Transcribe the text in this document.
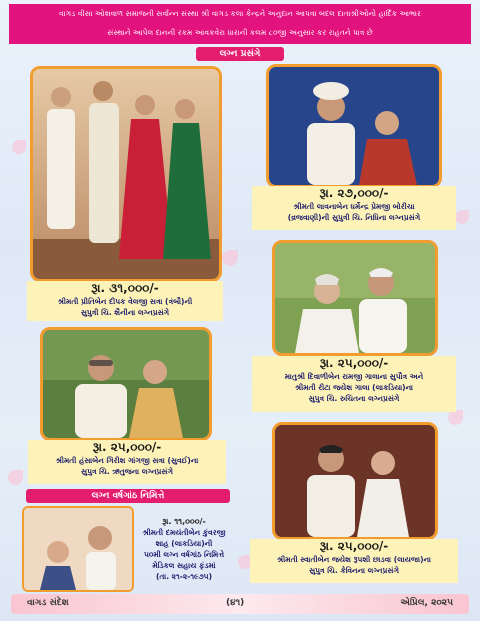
વાગડ વીસા ઓશવાળ સમાજની સર્વાન્ન સંસ્થા શ્રી વાગડ કલા કેન્દ્રને અનુદાન આપવા બદલ દાતાશ્રીઓનો હાર્દિક આભાર
સંસ્થાને આપેલ દાનની રકમ આવકવેરા ધારાની કલમ ૮૦જી અનુસાર કર રાહતને પાત્ર છે
લગ્ન પ્રસંગે
રૂા. ૩૧,૦૦૦/-
શ્રીમતી પ્રીતિબેન દીપક વેલજી સત્રા (ત્રંબૌ)ની
સુપુત્રી ચિ. શૈનીના લગ્નપ્રસંગે
રૂા. ૨૭,૦૦૦/-
શ્રીમતી લાવનાબેન ધર્મેન્દ્ર પ્રેમજી બોરીચા
(વ્રજવાણી)ની સુપુત્રી ચિ. નિધિના લગ્નપ્રસંગે
રૂા. ૨૫,૦૦૦/-
માતુશ્રી દિવાળીબેન રામજી ગાલાના સુપૌત્ર અને
શ્રીમતી રીટા જયેશ ગાલા (લાકડિયા)ના
સુપુત્ર ચિ. રુચિતના લગ્નપ્રસંગે
રૂા. ૨૫,૦૦૦/-
શ્રીમતી હંસાબેન ગિરીશ ગાંગજી સત્રા (સુવઈ)ના
સુપુત્ર ચિ. ઋતુજના લગ્નપ્રસંગે
લગ્ન વર્ષગાંઠ નિમિત્તે
રૂા. ૧૧,૦૦૦/-
શ્રીમતી દમયંતીબેન કુંવરજી
શાહ (લાકડિયા)ની
૫૦મી લગ્ન વર્ષગાંઠ નિમિત્તે
મેડિકલ સહાય ફંડમાં
(તા. ૨૧-૨-૧૯૭૫)
રૂા. ૨૫,૦૦૦/-
શ્રીમતી સ્વાતીબેન જયેશ રૂપશી છાડવા (લાયજા)ના
સુપુત્ર ચિ. કેવિનના લગ્નપ્રસંગે
વાગડ સંદેશ	(૪૧)	એપ્રિલ, ૨૦૨૫
